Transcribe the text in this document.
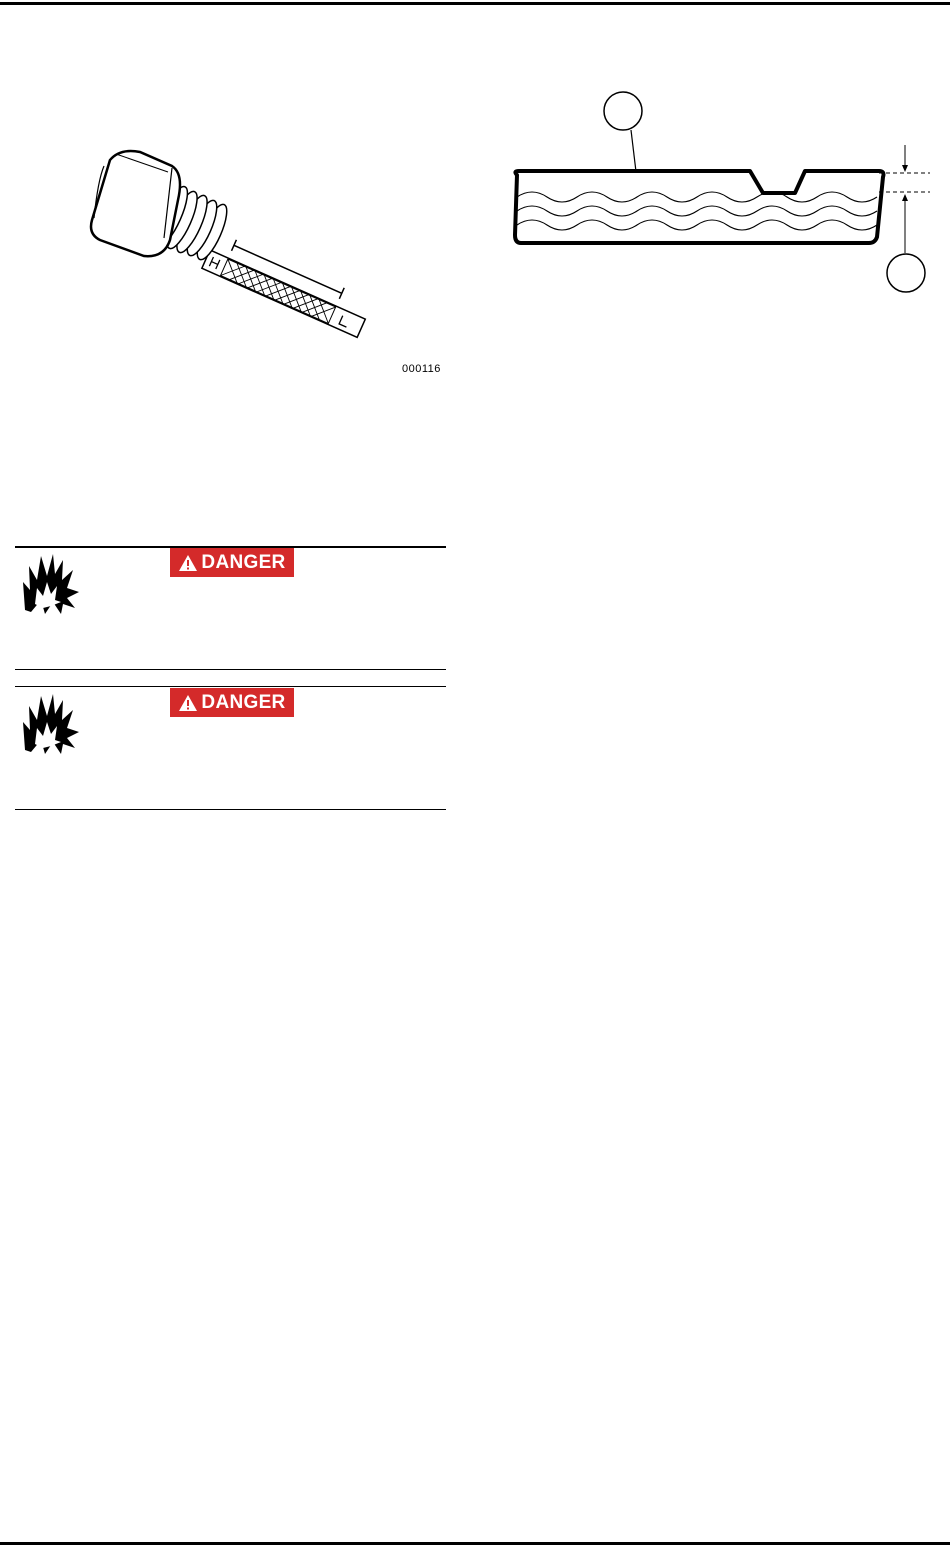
000116
DANGER
DANGER
